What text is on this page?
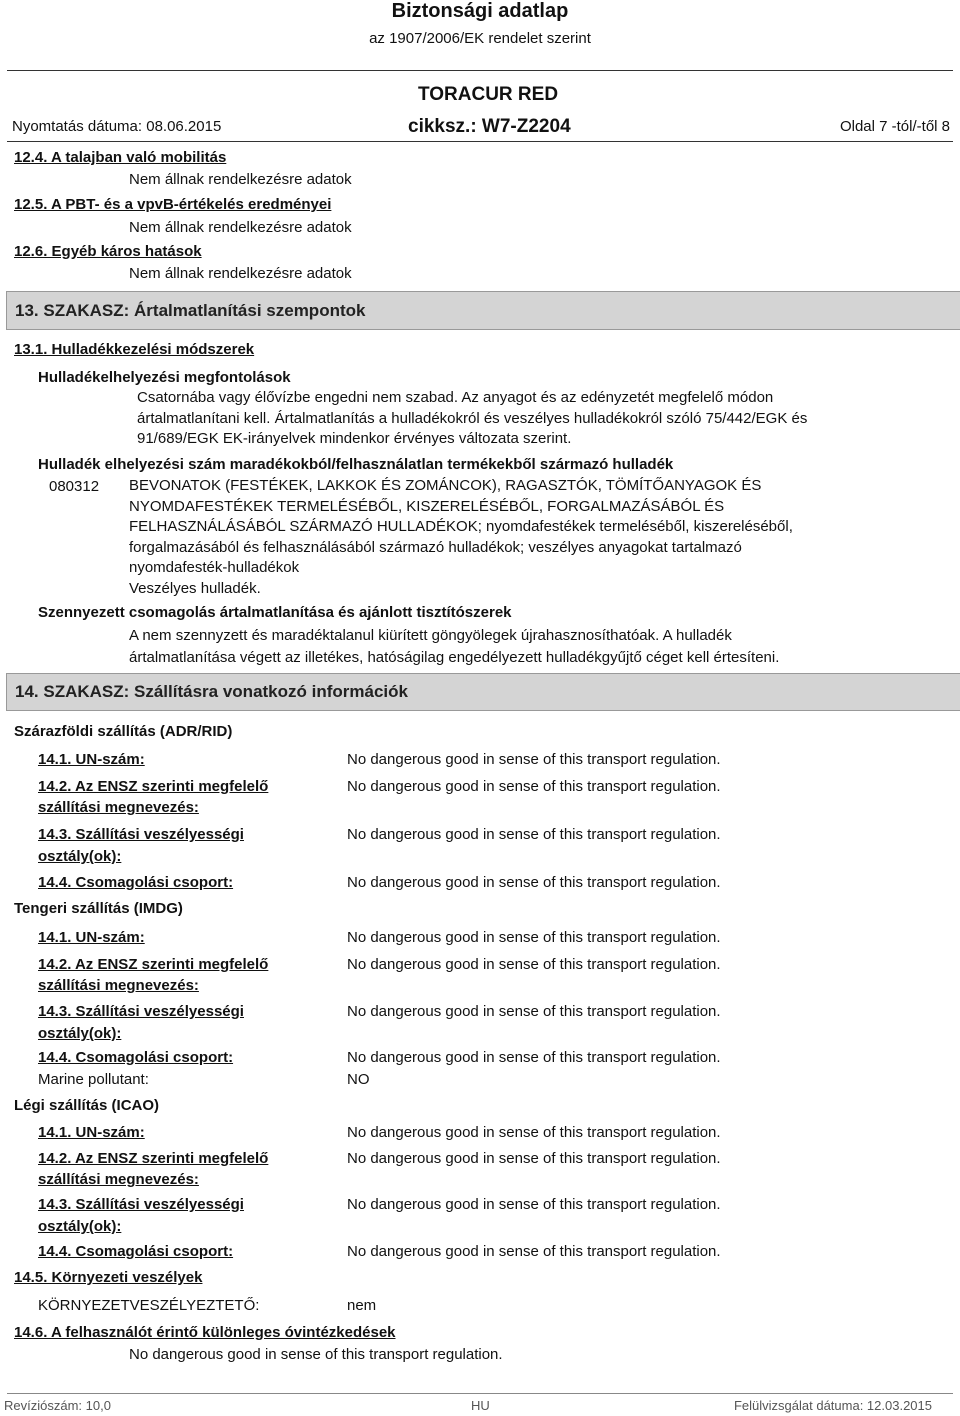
Biztonsági adatlap
az 1907/2006/EK rendelet szerint
TORACUR RED
Nyomtatás dátuma: 08.06.2015	cikksz.: W7-Z2204	Oldal 7 -tól/-től 8
12.4. A talajban való mobilitás
Nem állnak rendelkezésre adatok
12.5. A PBT- és a vpvB-értékelés eredményei
Nem állnak rendelkezésre adatok
12.6. Egyéb káros hatások
Nem állnak rendelkezésre adatok
13. SZAKASZ: Ártalmatlanítási szempontok
13.1. Hulladékkezelési módszerek
Hulladékelhelyezési megfontolások
Csatornába vagy élővízbe engedni nem szabad. Az anyagot és az edényzetét megfelelő módon
ártalmatlanítani kell. Ártalmatlanítás a hulladékokról és veszélyes hulladékokról szóló 75/442/EGK és
91/689/EGK EK-irányelvek mindenkor érvényes változata szerint.
Hulladék elhelyezési szám maradékokból/felhasználatlan termékekből származó hulladék
080312 BEVONATOK (FESTÉKEK, LAKKOK ÉS ZOMÁNCOK), RAGASZTÓK, TÖMÍTŐANYAGOK ÉS
NYOMDAFESTÉKEK TERMELÉSÉBŐL, KISZERELÉSÉBŐL, FORGALMAZÁSÁBÓL ÉS
FELHASZNÁLÁSÁBÓL SZÁRMAZÓ HULLADÉKOK; nyomdafestékek termeléséből, kiszereléséből,
forgalmazásából és felhasználásából származó hulladékok; veszélyes anyagokat tartalmazó
nyomdafesték-hulladékok
Veszélyes hulladék.
Szennyezett csomagolás ártalmatlanítása és ajánlott tisztítószerek
A nem szennyzett és maradéktalanul kiürített göngyölegek újrahasznosíthatóak. A hulladék
ártalmatlanítása végett az illetékes, hatóságilag engedélyezett hulladékgyűjtő céget kell értesíteni.
14. SZAKASZ: Szállításra vonatkozó információk
Szárazföldi szállítás (ADR/RID)
14.1. UN-szám:	No dangerous good in sense of this transport regulation.
14.2. Az ENSZ szerinti megfelelő
szállítási megnevezés:
No dangerous good in sense of this transport regulation.
14.3. Szállítási veszélyességi
osztály(ok):
No dangerous good in sense of this transport regulation.
14.4. Csomagolási csoport:	No dangerous good in sense of this transport regulation.
Tengeri szállítás (IMDG)
14.1. UN-szám:	No dangerous good in sense of this transport regulation.
14.2. Az ENSZ szerinti megfelelő
szállítási megnevezés:
No dangerous good in sense of this transport regulation.
14.3. Szállítási veszélyességi
osztály(ok):
No dangerous good in sense of this transport regulation.
14.4. Csomagolási csoport:	No dangerous good in sense of this transport regulation.
Marine pollutant:	NO
Légi szállítás (ICAO)
14.1. UN-szám:	No dangerous good in sense of this transport regulation.
14.2. Az ENSZ szerinti megfelelő
szállítási megnevezés:
No dangerous good in sense of this transport regulation.
14.3. Szállítási veszélyességi
osztály(ok):
No dangerous good in sense of this transport regulation.
14.4. Csomagolási csoport:	No dangerous good in sense of this transport regulation.
14.5. Környezeti veszélyek
KÖRNYEZETVESZÉLYEZTETŐ:	nem
14.6. A felhasználót érintő különleges óvintézkedések
No dangerous good in sense of this transport regulation.
Revíziószám: 10,0	HU	Felülvizsgálat dátuma: 12.03.2015
